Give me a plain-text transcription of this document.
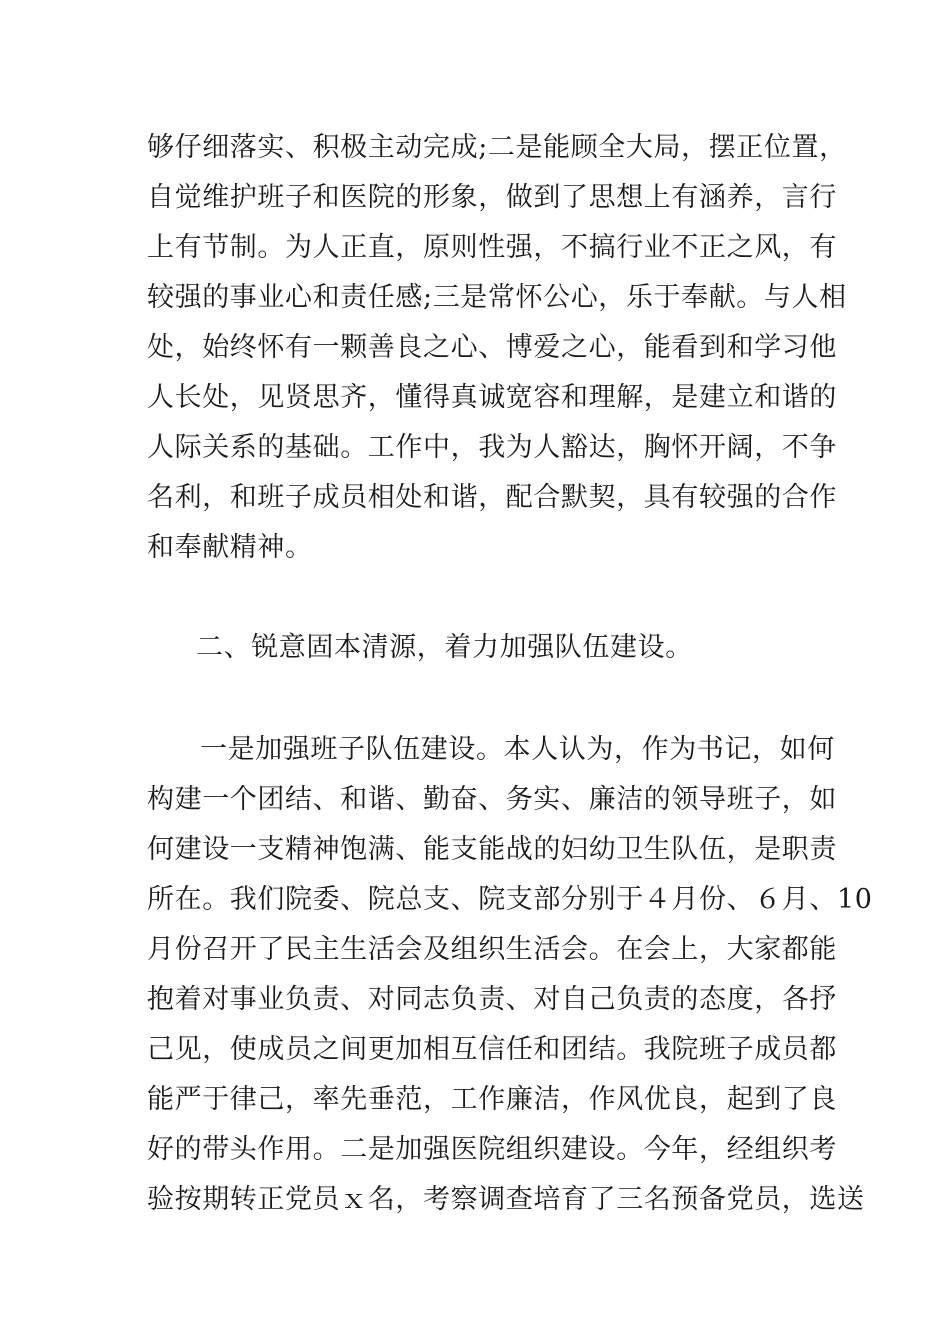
够仔细落实、积极主动完成;二是能顾全大局，摆正位置，
自觉维护班子和医院的形象，做到了思想上有涵养，言行
上有节制。为人正直，原则性强，不搞行业不正之风，有
较强的事业心和责任感;三是常怀公心，乐于奉献。与人相
处，始终怀有一颗善良之心、博爱之心，能看到和学习他
人长处，见贤思齐，懂得真诚宽容和理解，是建立和谐的
人际关系的基础。工作中，我为人豁达，胸怀开阔，不争
名利，和班子成员相处和谐，配合默契，具有较强的合作
和奉献精神。
二、锐意固本清源，着力加强队伍建设。
一是加强班子队伍建设。本人认为，作为书记，如何
构建一个团结、和谐、勤奋、务实、廉洁的领导班子，如
何建设一支精神饱满、能支能战的妇幼卫生队伍，是职责
所在。我们院委、院总支、院支部分别于４月份、６月、10
月份召开了民主生活会及组织生活会。在会上，大家都能
抱着对事业负责、对同志负责、对自己负责的态度，各抒
己见，使成员之间更加相互信任和团结。我院班子成员都
能严于律己，率先垂范，工作廉洁，作风优良，起到了良
好的带头作用。二是加强医院组织建设。今年，经组织考
验按期转正党员ｘ名，考察调查培育了三名预备党员，选送
